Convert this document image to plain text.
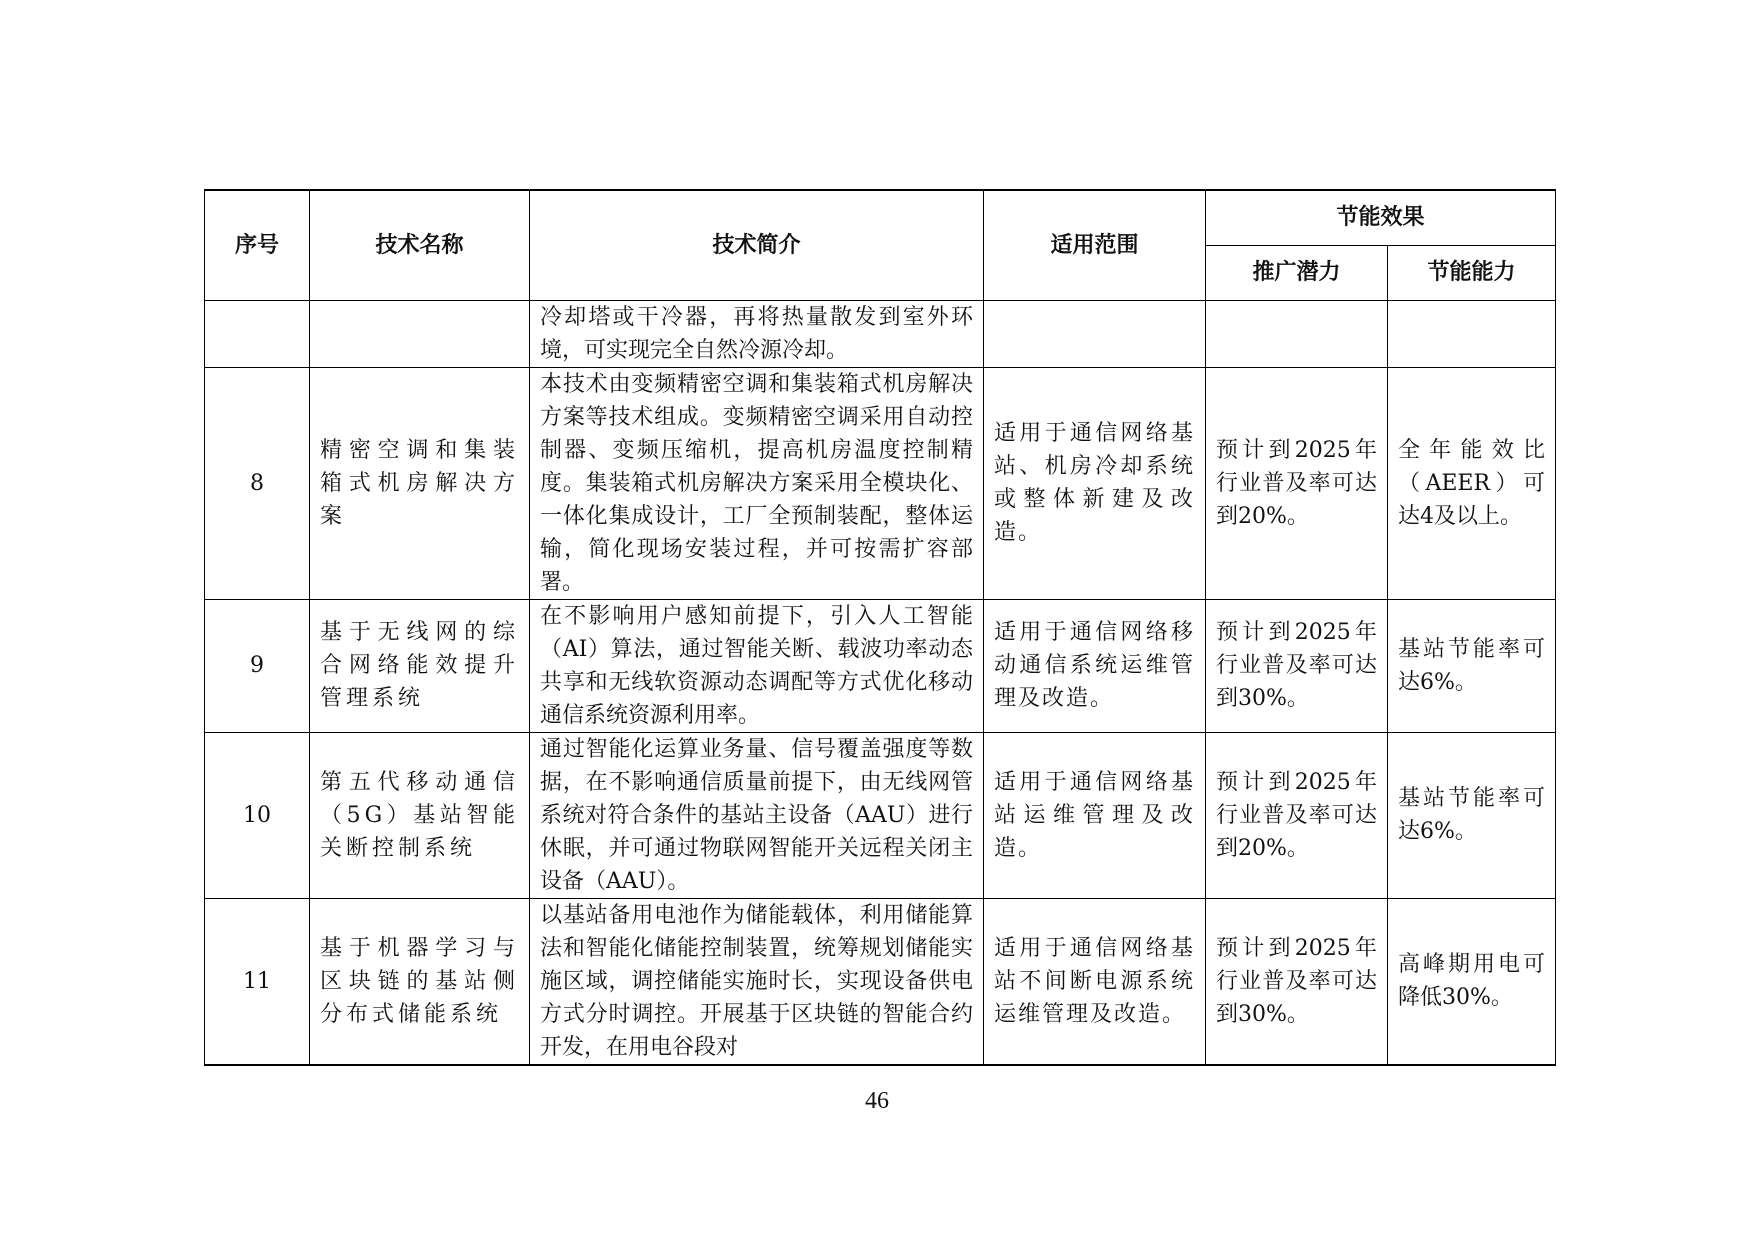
序号	技术名称	技术简介	适用范围	节能效果	
				推广潜力	节能能力
		冷却塔或干冷器，再将热量散发到室外环境，可实现完全自然冷源冷却。			
8	精密空调和集装箱式机房解决方案	本技术由变频精密空调和集装箱式机房解决方案等技术组成。变频精密空调采用自动控制器、变频压缩机，提高机房温度控制精度。集装箱式机房解决方案采用全模块化、一体化集成设计，工厂全预制装配，整体运输，简化现场安装过程，并可按需扩容部署。	适用于通信网络基站、机房冷却系统或整体新建及改造。	预计到2025年行业普及率可达到20%。	全年能效比（AEER）可达4及以上。
9	基于无线网的综合网络能效提升管理系统	在不影响用户感知前提下，引入人工智能（AI）算法，通过智能关断、载波功率动态共享和无线软资源动态调配等方式优化移动通信系统资源利用率。	适用于通信网络移动通信系统运维管理及改造。	预计到2025年行业普及率可达到30%。	基站节能率可达6%。
10	第五代移动通信（5G）基站智能关断控制系统	通过智能化运算业务量、信号覆盖强度等数据，在不影响通信质量前提下，由无线网管系统对符合条件的基站主设备（AAU）进行休眠，并可通过物联网智能开关远程关闭主设备（AAU）。	适用于通信网络基站运维管理及改造。	预计到2025年行业普及率可达到20%。	基站节能率可达6%。
11	基于机器学习与区块链的基站侧分布式储能系统	以基站备用电池作为储能载体，利用储能算法和智能化储能控制装置，统筹规划储能实施区域，调控储能实施时长，实现设备供电方式分时调控。开展基于区块链的智能合约开发，在用电谷段对	适用于通信网络基站不间断电源系统运维管理及改造。	预计到2025年行业普及率可达到30%。	高峰期用电可降低30%。
46
